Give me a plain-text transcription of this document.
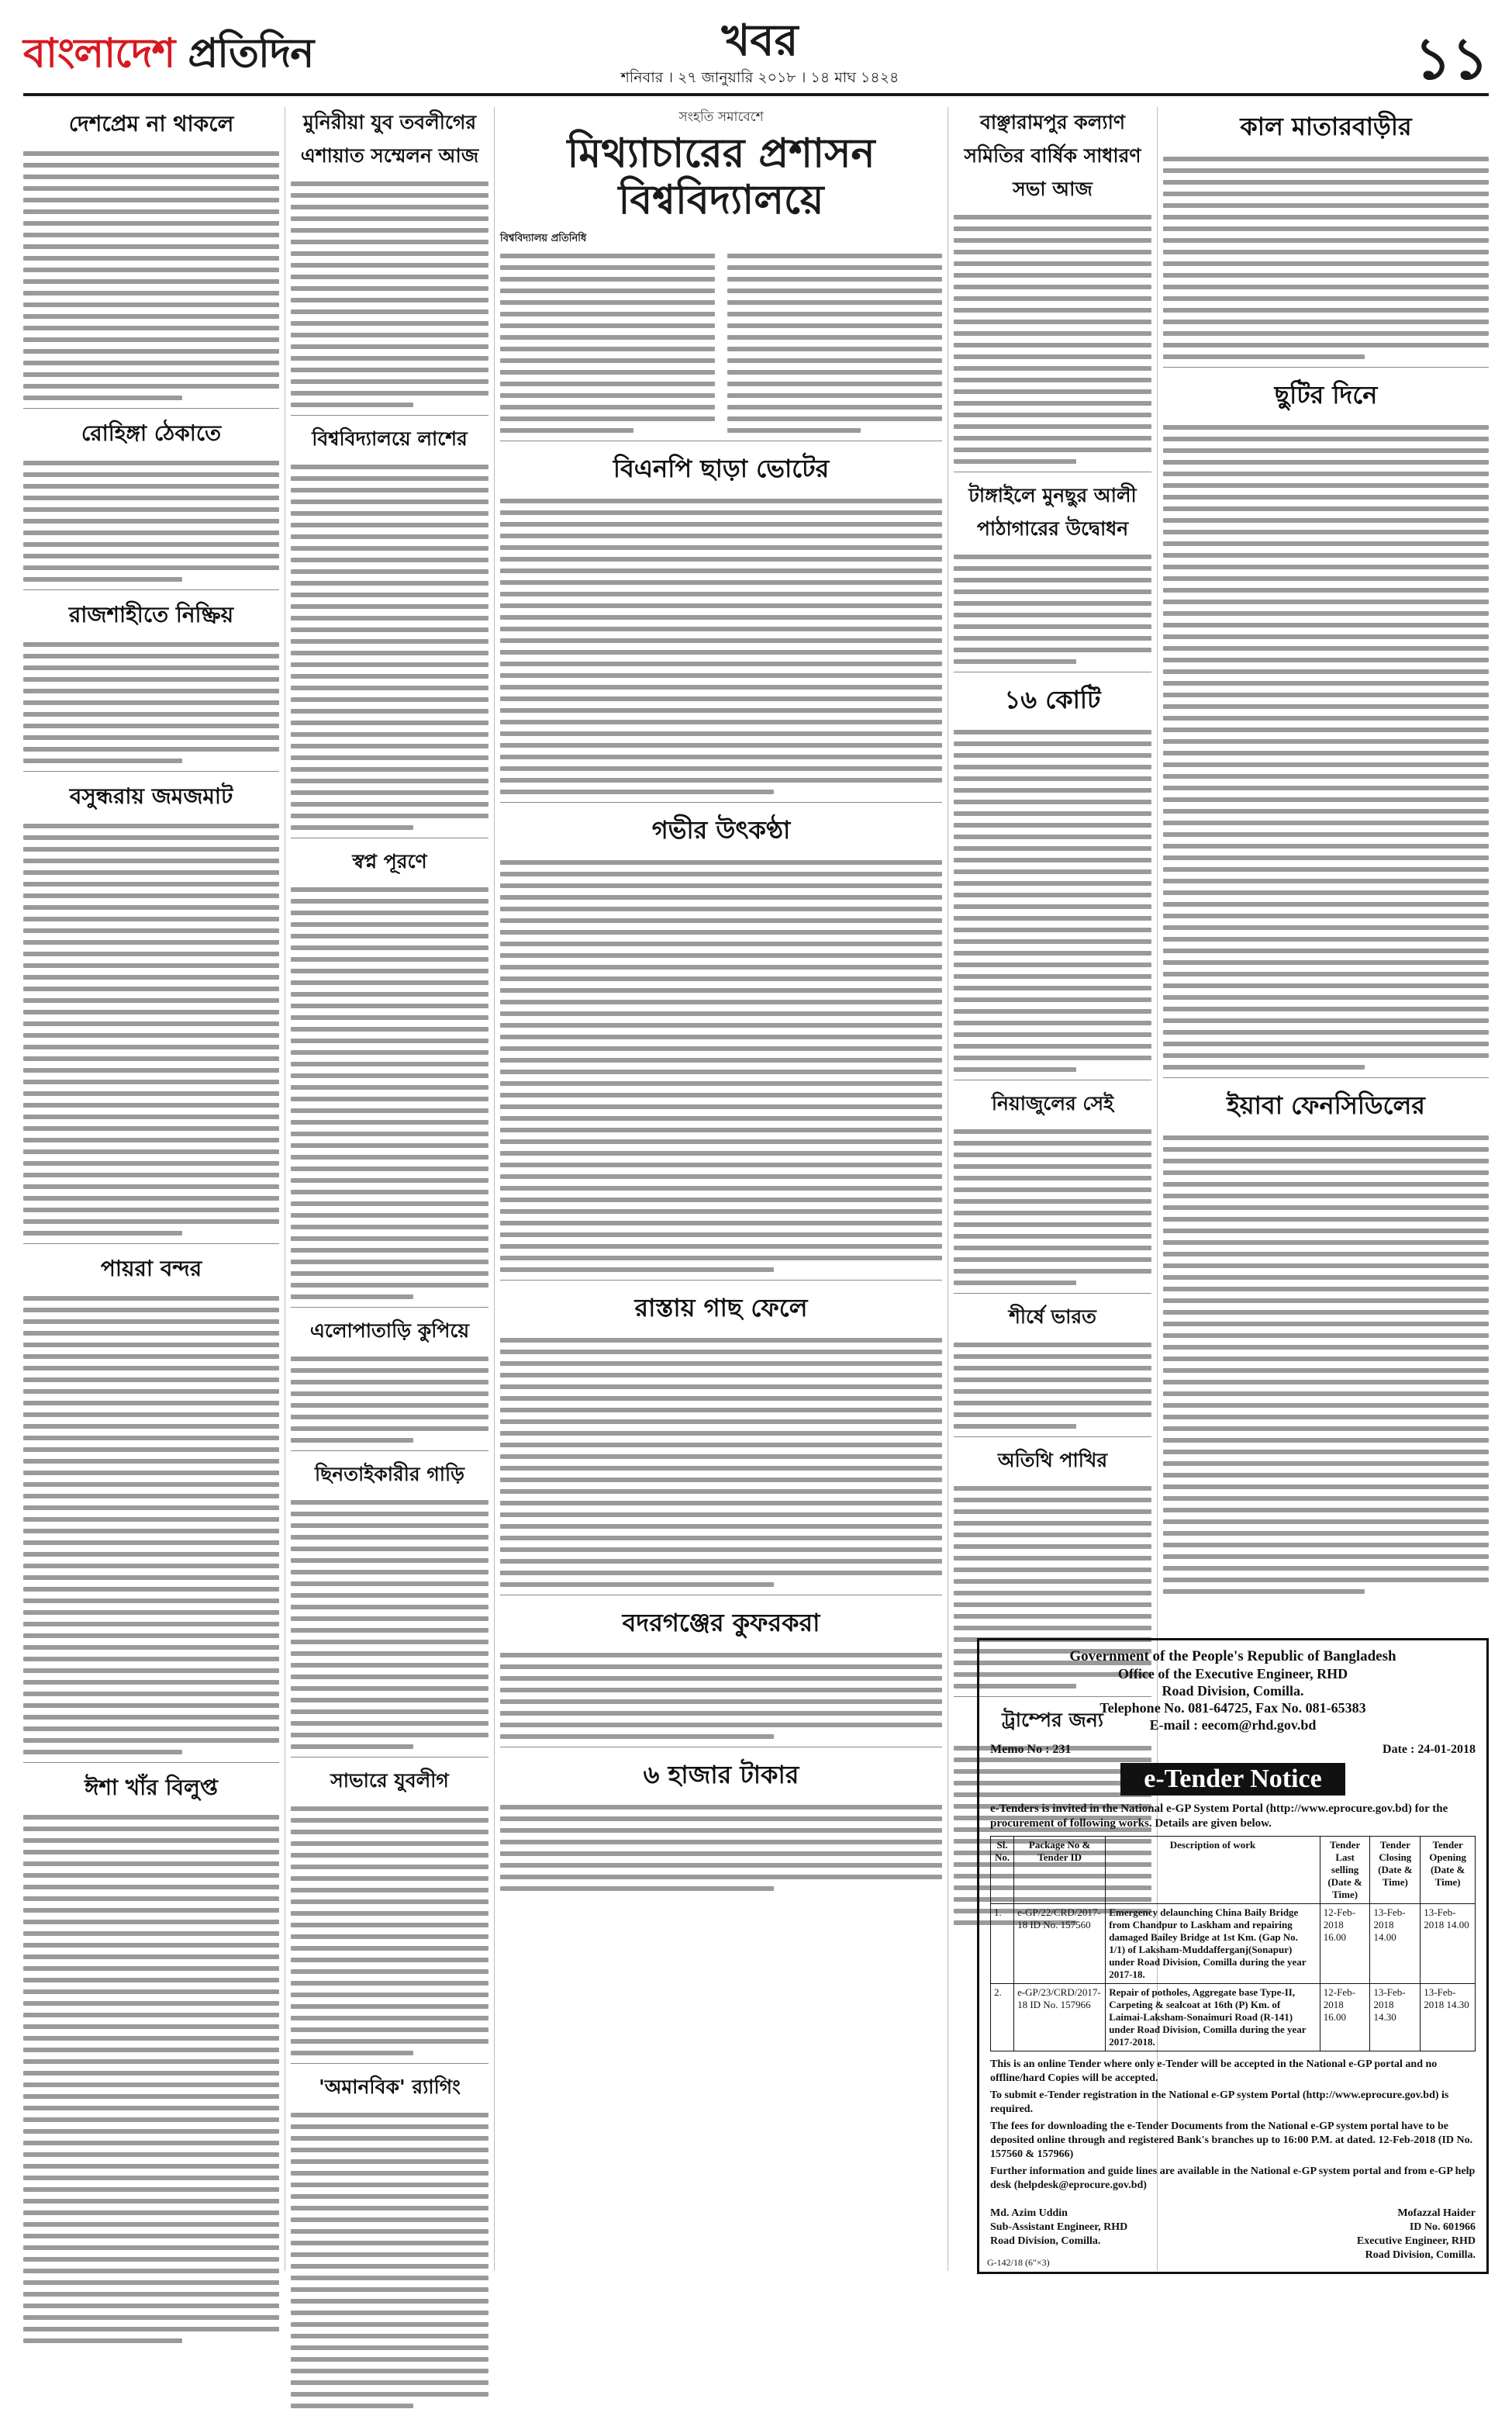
বাংলাদেশ প্রতিদিন	খবর
শনিবার । ২৭ জানুয়ারি ২০১৮ । ১৪ মাঘ ১৪২৪	১১
দেশপ্রেম না থাকলে
রোহিঙ্গা ঠেকাতে
রাজশাহীতে নিষ্ক্রিয়
বসুন্ধরায় জমজমাট
পায়রা বন্দর
ঈশা খাঁর বিলুপ্ত
মুনিরীয়া যুব তবলীগের এশায়াত সম্মেলন আজ
বিশ্ববিদ্যালয়ে লাশের
স্বপ্ন পূরণে
এলোপাতাড়ি কুপিয়ে
ছিনতাইকারীর গাড়ি
সাভারে যুবলীগ
'অমানবিক' র‍্যাগিং
সংহতি সমাবেশে
মিথ্যাচারের প্রশাসন বিশ্ববিদ্যালয়ে
বিশ্ববিদ্যালয় প্রতিনিধি
বিএনপি ছাড়া ভোটের
গভীর উৎকণ্ঠা
রাস্তায় গাছ ফেলে
বদরগঞ্জের কুফরকরা
৬ হাজার টাকার
বাঞ্ছারামপুর কল্যাণ সমিতির বার্ষিক সাধারণ সভা আজ
টাঙ্গাইলে মুনছুর আলী পাঠাগারের উদ্বোধন
১৬ কোটি
নিয়াজুলের সেই
শীর্ষে ভারত
অতিথি পাখির
ট্রাম্পের জন্য
কাল মাতারবাড়ীর
ছুটির দিনে
ইয়াবা ফেনসিডিলের
Government of the People's Republic of Bangladesh
Office of the Executive Engineer, RHD
Road Division, Comilla.
Telephone No. 081-64725, Fax No. 081-65383
E-mail : eecom@rhd.gov.bd
Memo No : 231	Date : 24-01-2018
e-Tender Notice
e-Tenders is invited in the National e-GP System Portal (http://www.eprocure.gov.bd) for the procurement of following works. Details are given below.
Sl. No.	Package No & Tender ID	Description of work	Tender Last selling (Date & Time)	Tender Closing (Date & Time)	Tender Opening (Date & Time)
1.	e-GP/22/CRD/2017-18 ID No. 157560	Emergency delaunching China Baily Bridge from Chandpur to Laskham and repairing damaged Bailey Bridge at 1st Km. (Gap No. 1/1) of Laksham-Muddafferganj(Sonapur) under Road Division, Comilla during the year 2017-18.	12-Feb-2018 16.00	13-Feb-2018 14.00	13-Feb-2018 14.00
2.	e-GP/23/CRD/2017-18 ID No. 157966	Repair of potholes, Aggregate base Type-II, Carpeting & sealcoat at 16th (P) Km. of Laimai-Laksham-Sonaimuri Road (R-141) under Road Division, Comilla during the year 2017-2018.	12-Feb-2018 16.00	13-Feb-2018 14.30	13-Feb-2018 14.30
This is an online Tender where only e-Tender will be accepted in the National e-GP portal and no offline/hard Copies will be accepted.
To submit e-Tender registration in the National e-GP system Portal (http://www.eprocure.gov.bd) is required.
The fees for downloading the e-Tender Documents from the National e-GP system portal have to be deposited online through and registered Bank's branches up to 16:00 P.M. at dated. 12-Feb-2018 (ID No. 157560 & 157966)
Further information and guide lines are available in the National e-GP system portal and from e-GP help desk (helpdesk@eprocure.gov.bd)
Md. Azim Uddin
Sub-Assistant Engineer, RHD
Road Division, Comilla.
Mofazzal Haider
ID No. 601966
Executive Engineer, RHD
Road Division, Comilla.
G-142/18 (6"×3)
